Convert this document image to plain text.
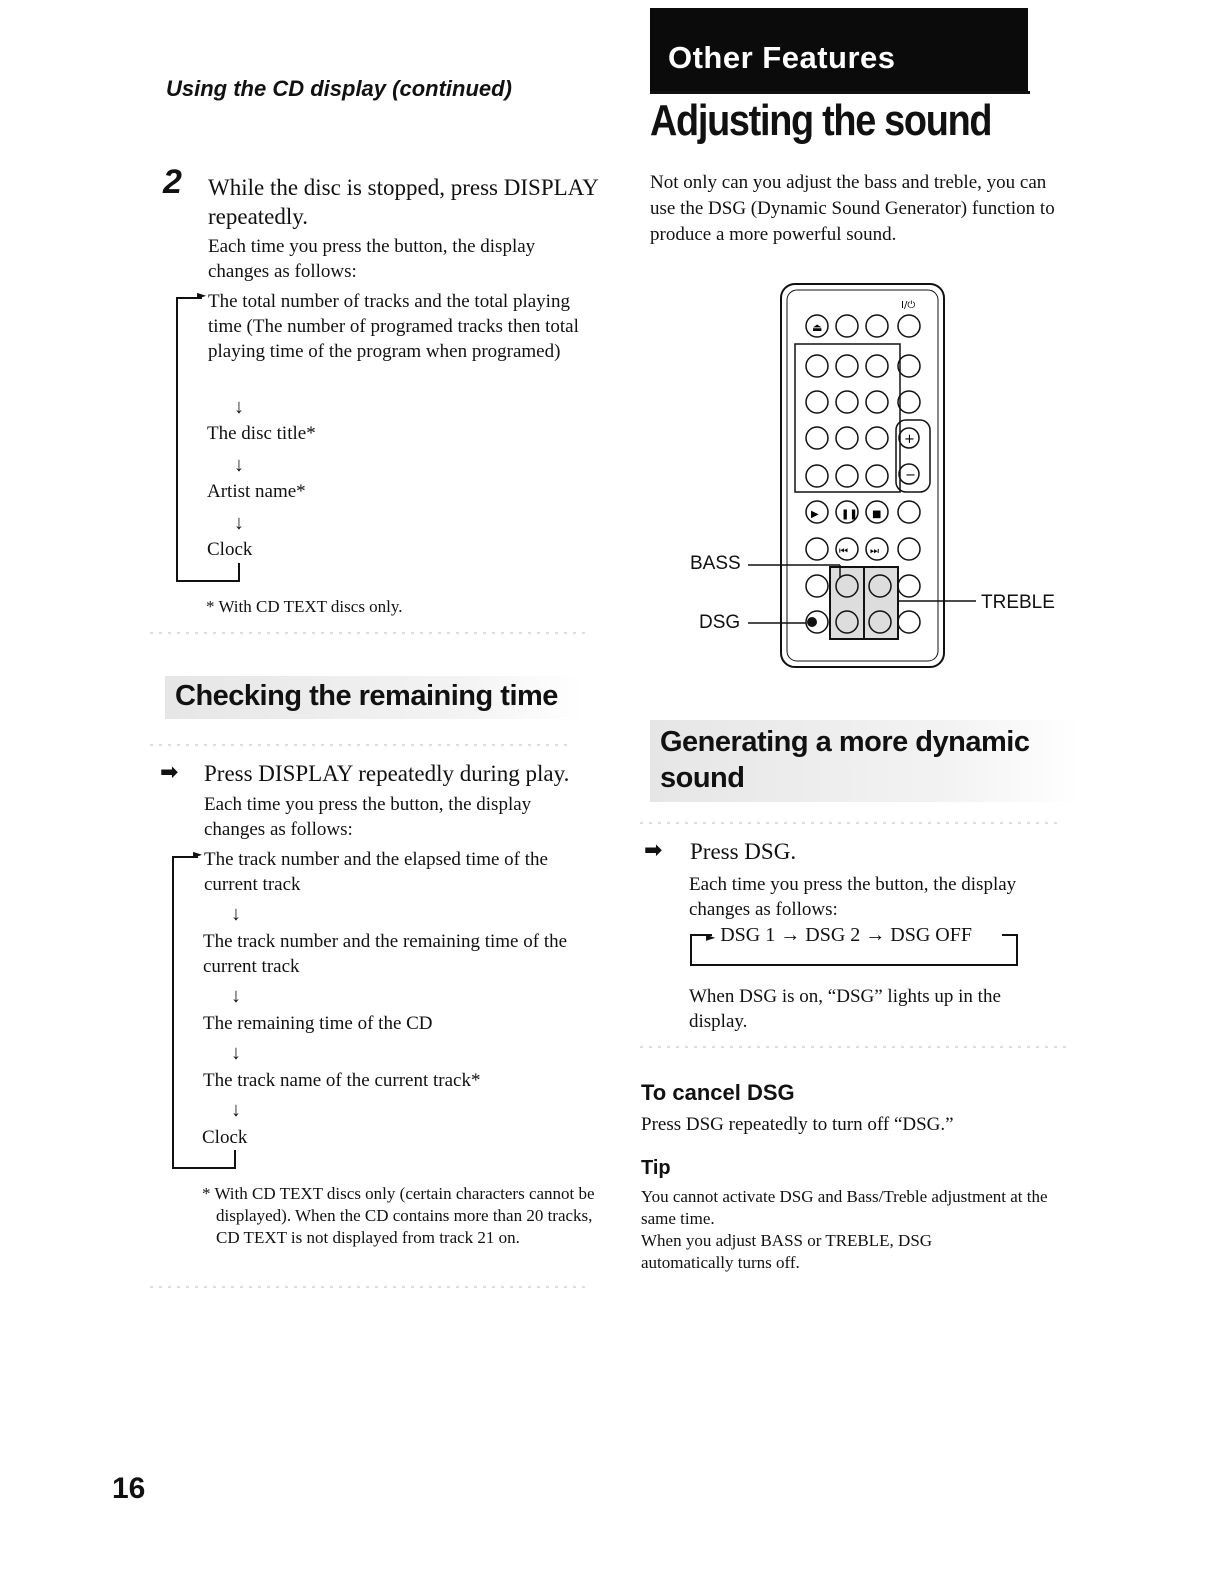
Using the CD display (continued)
2 While the disc is stopped, press DISPLAY repeatedly.
Each time you press the button, the display changes as follows:
► The total number of tracks and the total playing time (The number of programed tracks then total playing time of the program when programed)
↓
The disc title*
↓
Artist name*
↓
Clock
* With CD TEXT discs only.
Checking the remaining time
➡ Press DISPLAY repeatedly during play.
Each time you press the button, the display changes as follows:
► The track number and the elapsed time of the current track
↓
The track number and the remaining time of the current track
↓
The remaining time of the CD
↓
The track name of the current track*
↓
Clock
* With CD TEXT discs only (certain characters cannot be displayed). When the CD contains more than 20 tracks, CD TEXT is not displayed from track 21 on.
Other Features
Adjusting the sound
Not only can you adjust the bass and treble, you can use the DSG (Dynamic Sound Generator) function to produce a more powerful sound.
⏏
I/⏻
+
−
▶ ❚❚ ■
⏮ ⏭
BASS
DSG
TREBLE
Generating a more dynamic
sound
➡ Press DSG.
Each time you press the button, the display changes as follows:
► DSG 1 → DSG 2 → DSG OFF
When DSG is on, “DSG” lights up in the display.
To cancel DSG
Press DSG repeatedly to turn off “DSG.”
Tip
You cannot activate DSG and Bass/Treble adjustment at the same time.
When you adjust BASS or TREBLE, DSG automatically turns off.
16
